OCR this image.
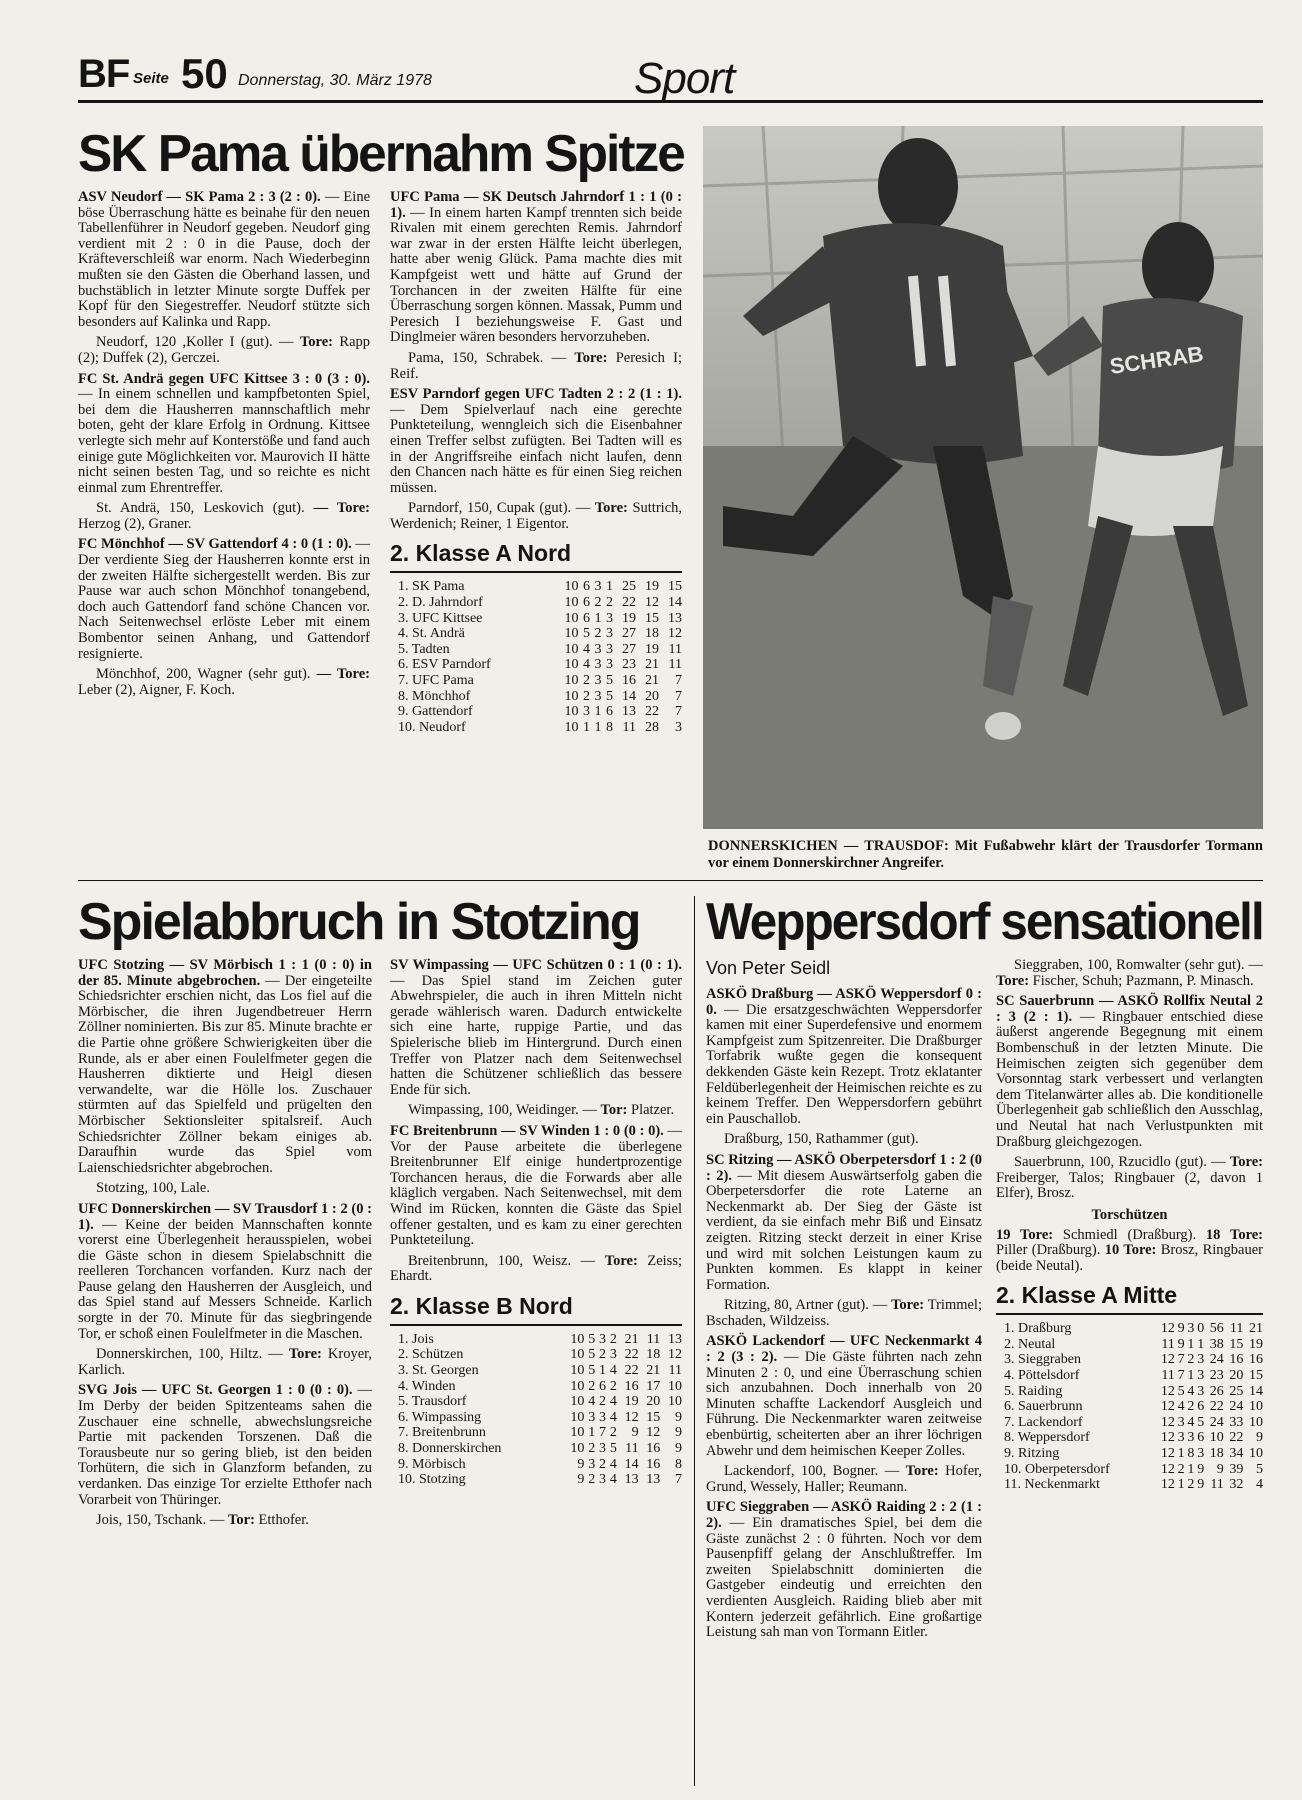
BF Seite 50 Donnerstag, 30. März 1978	Sport
SK Pama übernahm Spitze

ASV Neudorf — SK Pama 2 : 3 (2 : 0). — Eine böse Überraschung hätte es beinahe für den neuen Tabellenführer in Neudorf gegeben. Neudorf ging verdient mit 2 : 0 in die Pause, doch der Kräfteverschleiß war enorm. Nach Wiederbeginn mußten sie den Gästen die Oberhand lassen, und buchstäblich in letzter Minute sorgte Duffek per Kopf für den Siegestreffer. Neudorf stützte sich besonders auf Kalinka und Rapp.

Neudorf, 120 ,Koller I (gut). — Tore: Rapp (2); Duffek (2), Gerczei.

FC St. Andrä gegen UFC Kittsee 3 : 0 (3 : 0). — In einem schnellen und kampfbetonten Spiel, bei dem die Hausherren mannschaftlich mehr boten, geht der klare Erfolg in Ordnung. Kittsee verlegte sich mehr auf Konterstöße und fand auch einige gute Möglichkeiten vor. Maurovich II hätte nicht seinen besten Tag, und so reichte es nicht einmal zum Ehrentreffer.

St. Andrä, 150, Leskovich (gut). — Tore: Herzog (2), Graner.

FC Mönchhof — SV Gattendorf 4 : 0 (1 : 0). — Der verdiente Sieg der Hausherren konnte erst in der zweiten Hälfte sichergestellt werden. Bis zur Pause war auch schon Mönchhof tonangebend, doch auch Gattendorf fand schöne Chancen vor. Nach Seitenwechsel erlöste Leber mit einem Bombentor seinen Anhang, und Gattendorf resignierte.

Mönchhof, 200, Wagner (sehr gut). — Tore: Leber (2), Aigner, F. Koch.

UFC Pama — SK Deutsch Jahrndorf 1 : 1 (0 : 1). — In einem harten Kampf trennten sich beide Rivalen mit einem gerechten Remis. Jahrndorf war zwar in der ersten Hälfte leicht überlegen, hatte aber wenig Glück. Pama machte dies mit Kampfgeist wett und hätte auf Grund der Torchancen in der zweiten Hälfte für eine Überraschung sorgen können. Massak, Pumm und Peresich I beziehungsweise F. Gast und Dinglmeier wären besonders hervorzuheben.

Pama, 150, Schrabek. — Tore: Peresich I; Reif.

ESV Parndorf gegen UFC Tadten 2 : 2 (1 : 1). — Dem Spielverlauf nach eine gerechte Punkteteilung, wenngleich sich die Eisenbahner einen Treffer selbst zufügten. Bei Tadten will es in der Angriffsreihe einfach nicht laufen, denn den Chancen nach hätte es für einen Sieg reichen müssen.

Parndorf, 150, Cupak (gut). — Tore: Suttrich, Werdenich; Reiner, 1 Eigentor.

2. Klasse A Nord
1. SK Pama	10	6	3	1	25	19	15
2. D. Jahrndorf	10	6	2	2	22	12	14
3. UFC Kittsee	10	6	1	3	19	15	13
4. St. Andrä	10	5	2	3	27	18	12
5. Tadten	10	4	3	3	27	19	11
6. ESV Parndorf	10	4	3	3	23	21	11
7. UFC Pama	10	2	3	5	16	21	7
8. Mönchhof	10	2	3	5	14	20	7
9. Gattendorf	10	3	1	6	13	22	7
10. Neudorf	10	1	1	8	11	28	3
SCHRAB
DONNERSKICHEN — TRAUSDOF: Mit Fußabwehr klärt der Trausdorfer Tormann vor einem Donnerskirchner Angreifer.
Spielabbruch in Stotzing

UFC Stotzing — SV Mörbisch 1 : 1 (0 : 0) in der 85. Minute abgebrochen. — Der eingeteilte Schiedsrichter erschien nicht, das Los fiel auf die Mörbischer, die ihren Jugendbetreuer Herrn Zöllner nominierten. Bis zur 85. Minute brachte er die Partie ohne größere Schwierigkeiten über die Runde, als er aber einen Foulelfmeter gegen die Hausherren diktierte und Heigl diesen verwandelte, war die Hölle los. Zuschauer stürmten auf das Spielfeld und prügelten den Mörbischer Sektionsleiter spitalsreif. Auch Schiedsrichter Zöllner bekam einiges ab. Daraufhin wurde das Spiel vom Laienschiedsrichter abgebrochen.

Stotzing, 100, Lale.

UFC Donnerskirchen — SV Trausdorf 1 : 2 (0 : 1). — Keine der beiden Mannschaften konnte vorerst eine Überlegenheit herausspielen, wobei die Gäste schon in diesem Spielabschnitt die reelleren Torchancen vorfanden. Kurz nach der Pause gelang den Hausherren der Ausgleich, und das Spiel stand auf Messers Schneide. Karlich sorgte in der 70. Minute für das siegbringende Tor, er schoß einen Foulelfmeter in die Maschen.

Donnerskirchen, 100, Hiltz. — Tore: Kroyer, Karlich.

SVG Jois — UFC St. Georgen 1 : 0 (0 : 0). — Im Derby der beiden Spitzenteams sahen die Zuschauer eine schnelle, abwechslungsreiche Partie mit packenden Torszenen. Daß die Torausbeute nur so gering blieb, ist den beiden Torhütern, die sich in Glanzform befanden, zu verdanken. Das einzige Tor erzielte Etthofer nach Vorarbeit von Thüringer.

Jois, 150, Tschank. — Tor: Etthofer.

SV Wimpassing — UFC Schützen 0 : 1 (0 : 1). — Das Spiel stand im Zeichen guter Abwehrspieler, die auch in ihren Mitteln nicht gerade wählerisch waren. Dadurch entwickelte sich eine harte, ruppige Partie, und das Spielerische blieb im Hintergrund. Durch einen Treffer von Platzer nach dem Seitenwechsel hatten die Schützener schließlich das bessere Ende für sich.

Wimpassing, 100, Weidinger. — Tor: Platzer.

FC Breitenbrunn — SV Winden 1 : 0 (0 : 0). — Vor der Pause arbeitete die überlegene Breitenbrunner Elf einige hundertprozentige Torchancen heraus, die die Forwards aber alle kläglich vergaben. Nach Seitenwechsel, mit dem Wind im Rücken, konnten die Gäste das Spiel offener gestalten, und es kam zu einer gerechten Punkteteilung.

Breitenbrunn, 100, Weisz. — Tore: Zeiss; Ehardt.

2. Klasse B Nord
1. Jois	10	5	3	2	21	11	13
2. Schützen	10	5	2	3	22	18	12
3. St. Georgen	10	5	1	4	22	21	11
4. Winden	10	2	6	2	16	17	10
5. Trausdorf	10	4	2	4	19	20	10
6. Wimpassing	10	3	3	4	12	15	9
7. Breitenbrunn	10	1	7	2	9	12	9
8. Donnerskirchen	10	2	3	5	11	16	9
9. Mörbisch	9	3	2	4	14	16	8
10. Stotzing	9	2	3	4	13	13	7
Weppersdorf sensationell
Von Peter Seidl

ASKÖ Draßburg — ASKÖ Weppersdorf 0 : 0. — Die ersatzgeschwächten Weppersdorfer kamen mit einer Superdefensive und enormem Kampfgeist zum Spitzenreiter. Die Draßburger Torfabrik wußte gegen die konsequent dekkenden Gäste kein Rezept. Trotz eklatanter Feldüberlegenheit der Heimischen reichte es zu keinem Treffer. Den Weppersdorfern gebührt ein Pauschallob.

Draßburg, 150, Rathammer (gut).

SC Ritzing — ASKÖ Oberpetersdorf 1 : 2 (0 : 2). — Mit diesem Auswärtserfolg gaben die Oberpetersdorfer die rote Laterne an Neckenmarkt ab. Der Sieg der Gäste ist verdient, da sie einfach mehr Biß und Einsatz zeigten. Ritzing steckt derzeit in einer Krise und wird mit solchen Leistungen kaum zu Punkten kommen. Es klappt in keiner Formation.

Ritzing, 80, Artner (gut). — Tore: Trimmel; Bschaden, Wildzeiss.

ASKÖ Lackendorf — UFC Neckenmarkt 4 : 2 (3 : 2). — Die Gäste führten nach zehn Minuten 2 : 0, und eine Überraschung schien sich anzubahnen. Doch innerhalb von 20 Minuten schaffte Lackendorf Ausgleich und Führung. Die Neckenmarkter waren zeitweise ebenbürtig, scheiterten aber an ihrer löchrigen Abwehr und dem heimischen Keeper Zolles.

Lackendorf, 100, Bogner. — Tore: Hofer, Grund, Wessely, Haller; Reumann.

UFC Sieggraben — ASKÖ Raiding 2 : 2 (1 : 2). — Ein dramatisches Spiel, bei dem die Gäste zunächst 2 : 0 führten. Noch vor dem Pausenpfiff gelang der Anschlußtreffer. Im zweiten Spielabschnitt dominierten die Gastgeber eindeutig und erreichten den verdienten Ausgleich. Raiding blieb aber mit Kontern jederzeit gefährlich. Eine großartige Leistung sah man von Tormann Eitler.

Sieggraben, 100, Romwalter (sehr gut). — Tore: Fischer, Schuh; Pazmann, P. Minasch.

SC Sauerbrunn — ASKÖ Rollfix Neutal 2 : 3 (2 : 1). — Ringbauer entschied diese äußerst angerende Begegnung mit einem Bombenschuß in der letzten Minute. Die Heimischen zeigten sich gegenüber dem Vorsonntag stark verbessert und verlangten dem Titelanwärter alles ab. Die konditionelle Überlegenheit gab schließlich den Ausschlag, und Neutal hat nach Verlustpunkten mit Draßburg gleichgezogen.

Sauerbrunn, 100, Rzucidlo (gut). — Tore: Freiberger, Talos; Ringbauer (2, davon 1 Elfer), Brosz.

Torschützen

19 Tore: Schmiedl (Draßburg). 18 Tore: Piller (Draßburg). 10 Tore: Brosz, Ringbauer (beide Neutal).

2. Klasse A Mitte
1. Draßburg	12	9	3	0	56	11	21
2. Neutal	11	9	1	1	38	15	19
3. Sieggraben	12	7	2	3	24	16	16
4. Pöttelsdorf	11	7	1	3	23	20	15
5. Raiding	12	5	4	3	26	25	14
6. Sauerbrunn	12	4	2	6	22	24	10
7. Lackendorf	12	3	4	5	24	33	10
8. Weppersdorf	12	3	3	6	10	22	9
9. Ritzing	12	1	8	3	18	34	10
10. Oberpetersdorf	12	2	1	9	9	39	5
11. Neckenmarkt	12	1	2	9	11	32	4
